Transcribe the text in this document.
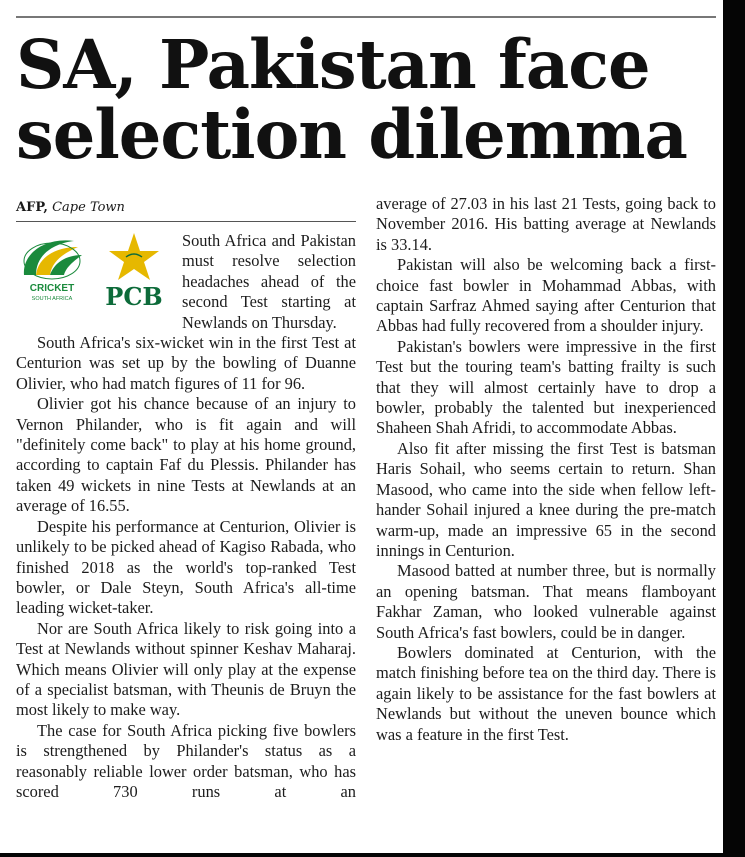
SA, Pakistan face
selection dilemma
AFP, Cape Town
CRICKET
SOUTH AFRICA PCB

South Africa and Pakistan must resolve selection headaches ahead of the second Test starting at Newlands on Thursday.

South Africa's six-wicket win in the first Test at Centurion was set up by the bowling of Duanne Olivier, who had match figures of 11 for 96.

Olivier got his chance because of an injury to Vernon Philander, who is fit again and will "definitely come back" to play at his home ground, according to captain Faf du Plessis. Philander has taken 49 wickets in nine Tests at Newlands at an average of 16.55.

Despite his performance at Centurion, Olivier is unlikely to be picked ahead of Kagiso Rabada, who finished 2018 as the world's top-ranked Test bowler, or Dale Steyn, South Africa's all-time leading wicket-taker.

Nor are South Africa likely to risk going into a Test at Newlands without spinner Keshav Maharaj. Which means Olivier will only play at the expense of a specialist batsman, with Theunis de Bruyn the most likely to make way.

The case for South Africa picking five bowlers is strengthened by Philander's status as a reasonably reliable lower order batsman, who has scored 730 runs at an

average of 27.03 in his last 21 Tests, going back to November 2016. His batting average at Newlands is 33.14.

Pakistan will also be welcoming back a first-choice fast bowler in Mohammad Abbas, with captain Sarfraz Ahmed saying after Centurion that Abbas had fully recovered from a shoulder injury.

Pakistan's bowlers were impressive in the first Test but the touring team's batting frailty is such that they will almost certainly have to drop a bowler, probably the talented but inexperienced Shaheen Shah Afridi, to accommodate Abbas.

Also fit after missing the first Test is batsman Haris Sohail, who seems certain to return. Shan Masood, who came into the side when fellow left-hander Sohail injured a knee during the pre-match warm-up, made an impressive 65 in the second innings in Centurion.

Masood batted at number three, but is normally an opening batsman. That means flamboyant Fakhar Zaman, who looked vulnerable against South Africa's fast bowlers, could be in danger.

Bowlers dominated at Centurion, with the match finishing before tea on the third day. There is again likely to be assistance for the fast bowlers at Newlands but without the uneven bounce which was a feature in the first Test.
